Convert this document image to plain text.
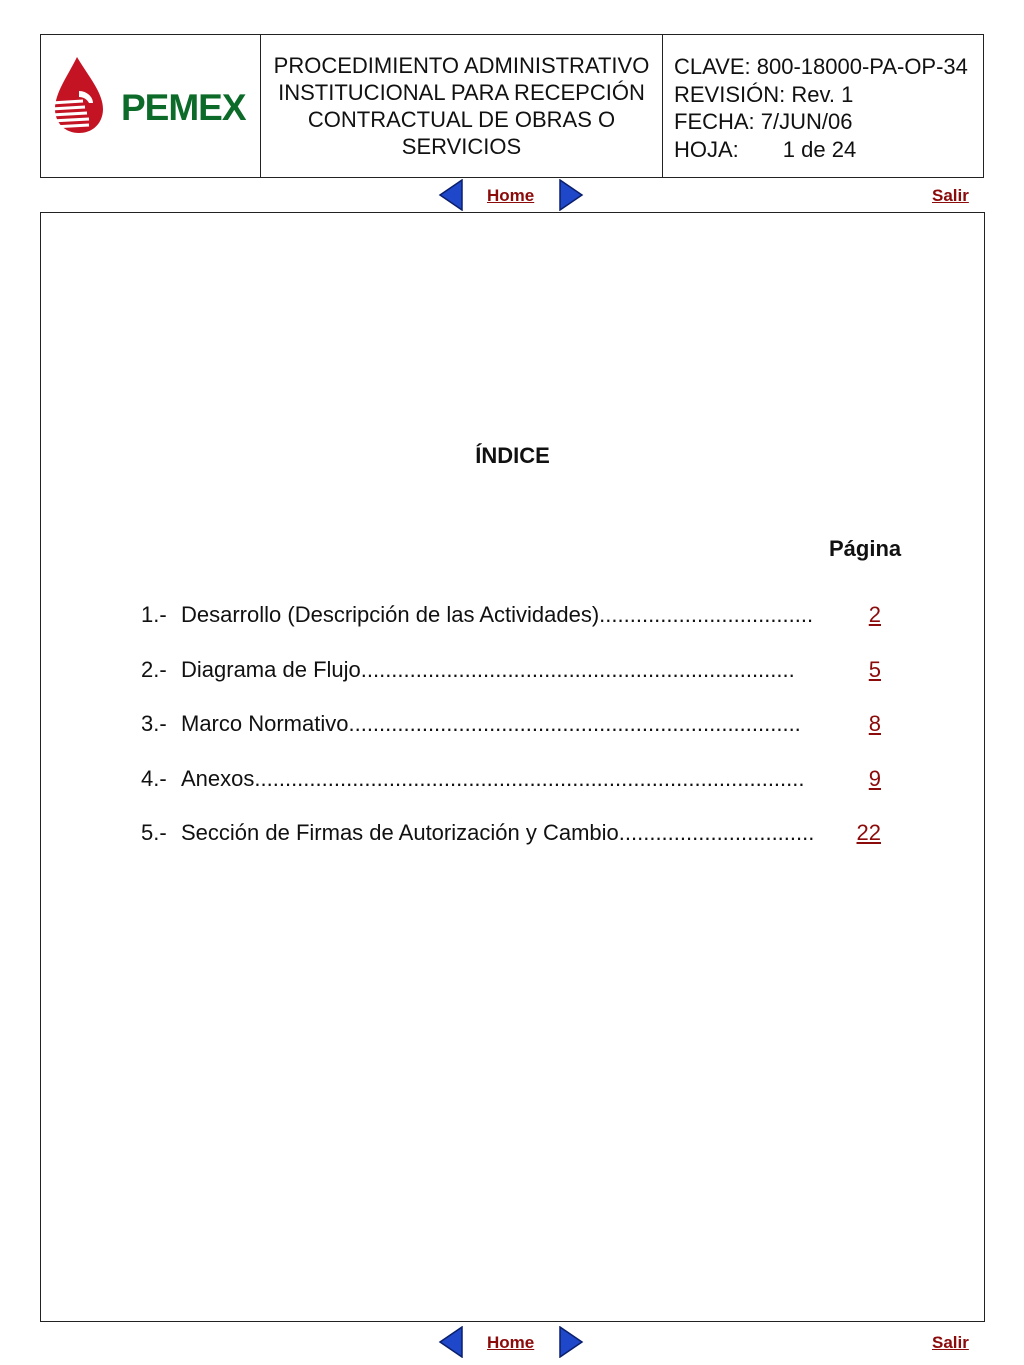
PEMEX
PROCEDIMIENTO ADMINISTRATIVO
INSTITUCIONAL PARA RECEPCIÓN
CONTRACTUAL DE OBRAS O
SERVICIOS
CLAVE: 800-18000-PA-OP-34
REVISIÓN: Rev. 1
FECHA: 7/JUN/06
HOJA: 1 de 24
Home	Salir
ÍNDICE
Página
1.- Desarrollo (Descripción de las Actividades)...................................	2
2.- Diagrama de Flujo.......................................................................	5
3.- Marco Normativo..........................................................................	8
4.- Anexos..........................................................................................	9
5.- Sección de Firmas de Autorización y Cambio................................ 22
Home	Salir
